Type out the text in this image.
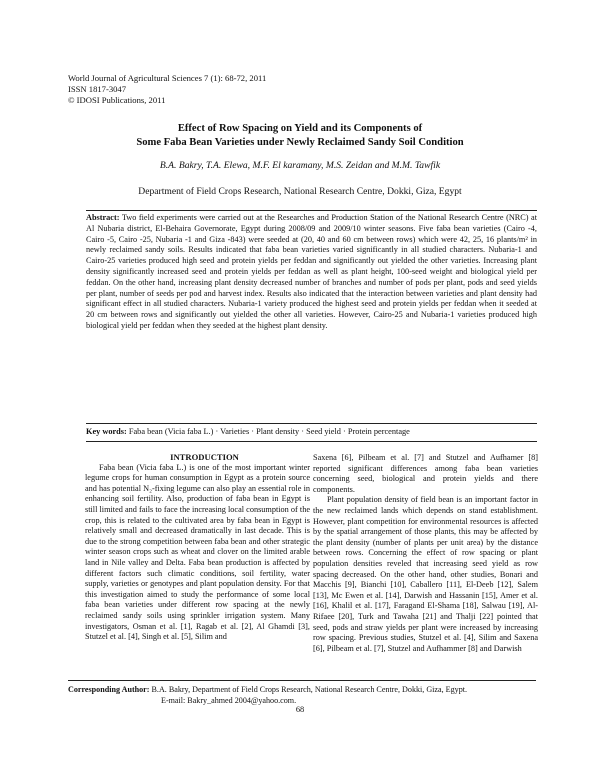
World Journal of Agricultural Sciences 7 (1): 68-72, 2011
ISSN 1817-3047
© IDOSI Publications, 2011
Effect of Row Spacing on Yield and its Components of
Some Faba Bean Varieties under Newly Reclaimed Sandy Soil Condition
B.A. Bakry, T.A. Elewa, M.F. El karamany, M.S. Zeidan and M.M. Tawfik
Department of Field Crops Research, National Research Centre, Dokki, Giza, Egypt
Abstract: Two field experiments were carried out at the Researches and Production Station of the National Research Centre (NRC) at Al Nubaria district, El-Behaira Governorate, Egypt during 2008/09 and 2009/10 winter seasons. Five faba bean varieties (Cairo -4, Cairo -5, Cairo -25, Nubaria -1 and Giza -843) were seeded at (20, 40 and 60 cm between rows) which were 42, 25, 16 plants/m² in newly reclaimed sandy soils. Results indicated that faba bean varieties varied significantly in all studied characters. Nubaria-1 and Cairo-25 varieties produced high seed and protein yields per feddan and significantly out yielded the other varieties. Increasing plant density significantly increased seed and protein yields per feddan as well as plant height, 100-seed weight and biological yield per feddan. On the other hand, increasing plant density decreased number of branches and number of pods per plant, pods and seed yields per plant, number of seeds per pod and harvest index. Results also indicated that the interaction between varieties and plant density had significant effect in all studied characters. Nubaria-1 variety produced the highest seed and protein yields per feddan when it seeded at 20 cm between rows and significantly out yielded the other all varieties. However, Cairo-25 and Nubaria-1 varieties produced high biological yield per feddan when they seeded at the highest plant density.
Key words: Faba bean (Vicia faba L.) · Varieties · Plant density · Seed yield · Protein percentage

INTRODUCTION

Faba bean (Vicia faba L.) is one of the most important winter legume crops for human consumption in Egypt as a protein source and has potential N₂-fixing legume can also play an essential role in enhancing soil fertility. Also, production of faba bean in Egypt is still limited and fails to face the increasing local consumption of the crop, this is related to the cultivated area by faba bean in Egypt is relatively small and decreased dramatically in last decade. This is due to the strong competition between faba bean and other strategic winter season crops such as wheat and clover on the limited arable land in Nile valley and Delta. Faba bean production is affected by different factors such climatic conditions, soil fertility, water supply, varieties or genotypes and plant population density. For that this investigation aimed to study the performance of some local faba bean varieties under different row spacing at the newly reclaimed sandy soils using sprinkler irrigation system. Many investigators, Osman et al. [1], Ragab et al. [2], Al Ghamdi [3], Stutzel et al. [4], Singh et al. [5], Silim and

Saxena [6], Pilbeam et al. [7] and Stutzel and Aufhamer [8] reported significant differences among faba bean varieties concerning seed, biological and protein yields and there components.

Plant population density of field bean is an important factor in the new reclaimed lands which depends on stand establishment. However, plant competition for environmental resources is affected by the spatial arrangement of those plants, this may be affected by the plant density (number of plants per unit area) by the distance between rows. Concerning the effect of row spacing or plant population densities reveled that increasing seed yield as row spacing decreased. On the other hand, other studies, Bonari and Macchis [9], Bianchi [10], Caballero [11], El-Deeb [12], Salem [13], Mc Ewen et al. [14], Darwish and Hassanin [15], Amer et al. [16], Khalil et al. [17], Faragand El-Shama [18], Salwau [19], Al-Rifaee [20], Turk and Tawaha [21] and Thalji [22] pointed that seed, pods and straw yields per plant were increased by increasing row spacing. Previous studies, Stutzel et al. [4], Silim and Saxena [6], Pilbeam et al. [7], Stutzel and Aufhammer [8] and Darwish

Corresponding Author: B.A. Bakry, Department of Field Crops Research, National Research Centre, Dokki, Giza, Egypt.
E-mail: Bakry_ahmed 2004@yahoo.com.
68
